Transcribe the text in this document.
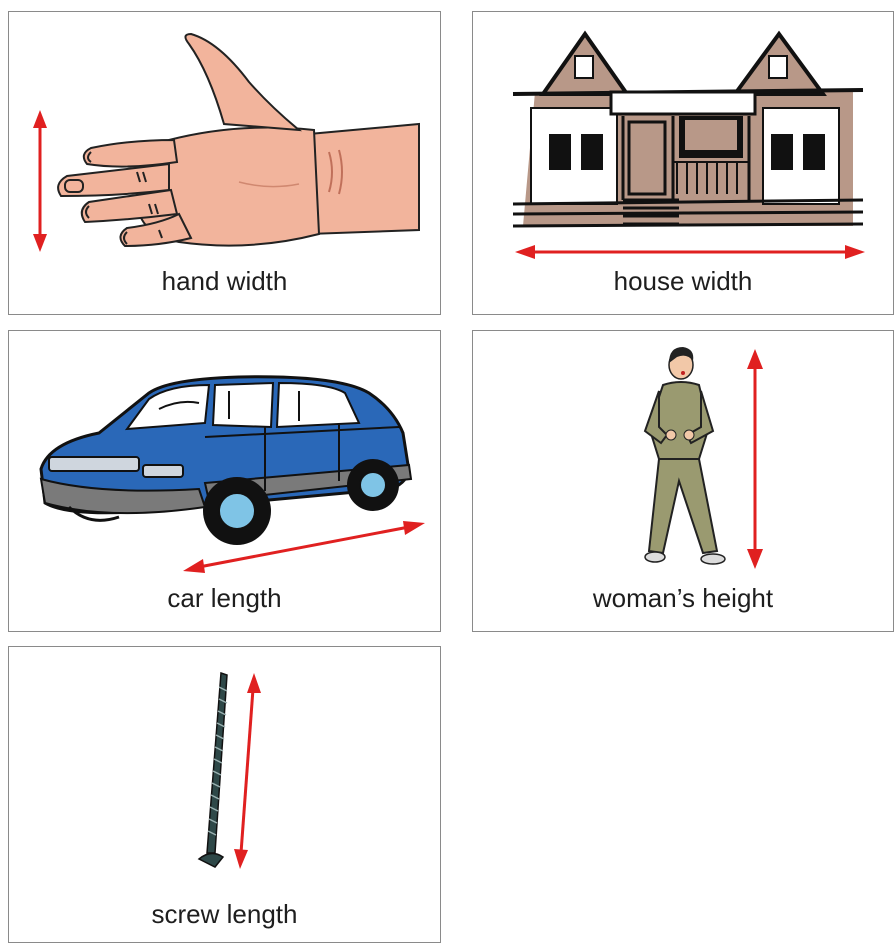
hand width	house width
car length	woman’s height
screw length
